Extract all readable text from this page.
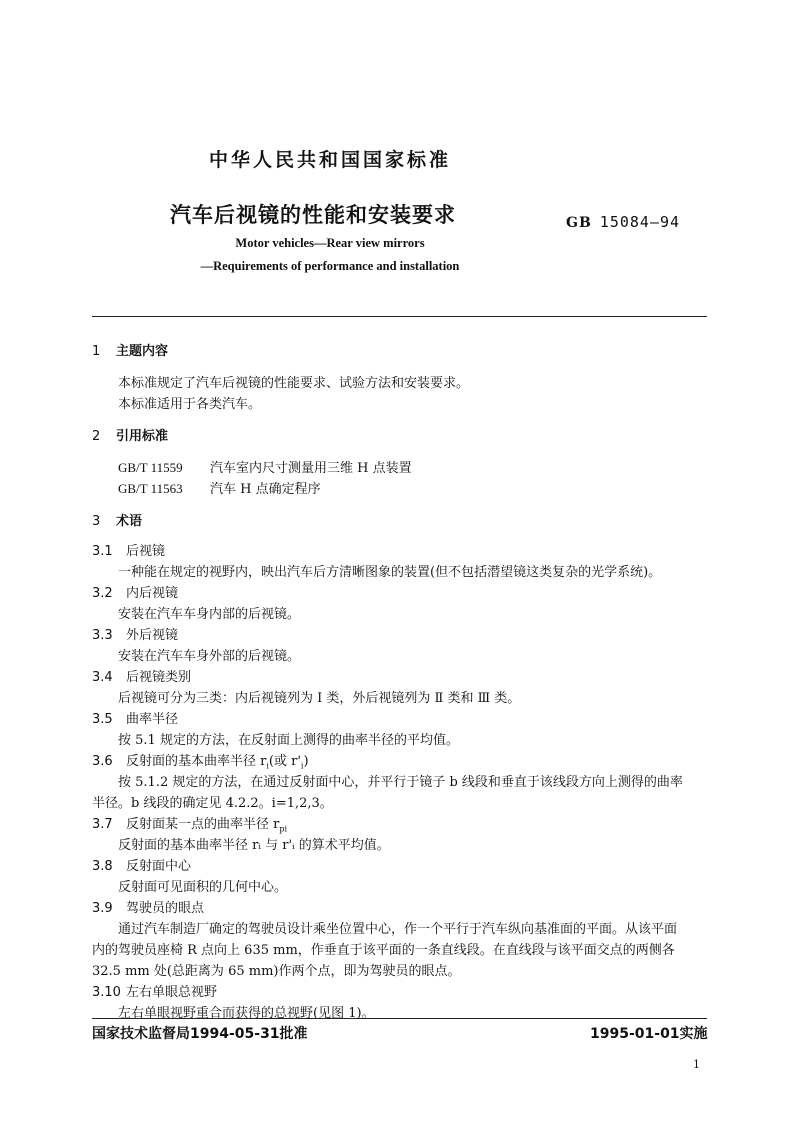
中华人民共和国国家标准
汽车后视镜的性能和安装要求	GB 15084—94
Motor vehicles—Rear view mirrors
—Requirements of performance and installation
1 主题内容
本标准规定了汽车后视镜的性能要求、试验方法和安装要求。
本标准适用于各类汽车。
2 引用标准
GB/T 11559 汽车室内尺寸测量用三维 H 点装置
GB/T 11563 汽车 H 点确定程序
3 术语
3.1 后视镜
一种能在规定的视野内，映出汽车后方清晰图象的装置(但不包括潜望镜这类复杂的光学系统)。
3.2 内后视镜
安装在汽车车身内部的后视镜。
3.3 外后视镜
安装在汽车车身外部的后视镜。
3.4 后视镜类别
后视镜可分为三类：内后视镜列为 I 类，外后视镜列为 Ⅱ 类和 Ⅲ 类。
3.5 曲率半径
按 5.1 规定的方法，在反射面上测得的曲率半径的平均值。
3.6 反射面的基本曲率半径 $r_i$(或 $r'_i$)
按 5.1.2 规定的方法，在通过反射面中心，并平行于镜子 b 线段和垂直于该线段方向上测得的曲率
半径。b 线段的确定见 4.2.2。i=1,2,3。
3.7 反射面某一点的曲率半径 $r_{pi}$
反射面的基本曲率半径 rᵢ 与 r'ᵢ 的算术平均值。
3.8 反射面中心
反射面可见面积的几何中心。
3.9 驾驶员的眼点
通过汽车制造厂确定的驾驶员设计乘坐位置中心，作一个平行于汽车纵向基准面的平面。从该平面
内的驾驶员座椅 R 点向上 635 mm，作垂直于该平面的一条直线段。在直线段与该平面交点的两侧各
32.5 mm 处(总距离为 65 mm)作两个点，即为驾驶员的眼点。
3.10 左右单眼总视野
左右单眼视野重合而获得的总视野(见图 1)。
国家技术监督局1994-05-31批准	1995-01-01实施
1
